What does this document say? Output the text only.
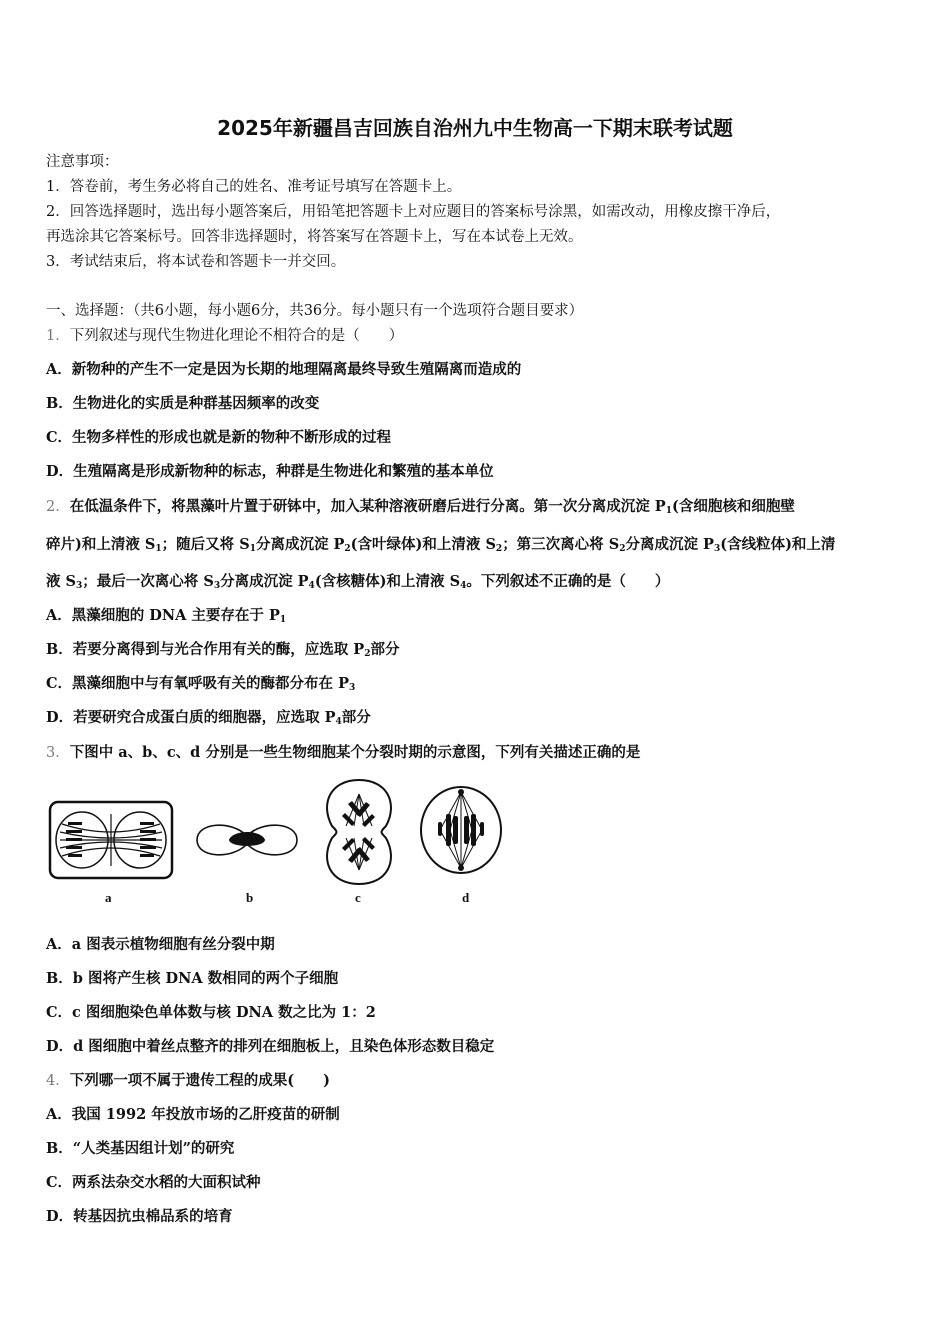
2025年新疆昌吉回族自治州九中生物高一下期末联考试题
注意事项：
1．答卷前，考生务必将自己的姓名、准考证号填写在答题卡上。
2．回答选择题时，选出每小题答案后，用铅笔把答题卡上对应题目的答案标号涂黑，如需改动，用橡皮擦干净后，
再选涂其它答案标号。回答非选择题时，将答案写在答题卡上，写在本试卷上无效。
3．考试结束后，将本试卷和答题卡一并交回。
一、选择题：（共6小题，每小题6分，共36分。每小题只有一个选项符合题目要求）
1．下列叙述与现代生物进化理论不相符合的是（　　）
A．新物种的产生不一定是因为长期的地理隔离最终导致生殖隔离而造成的
B．生物进化的实质是种群基因频率的改变
C．生物多样性的形成也就是新的物种不断形成的过程
D．生殖隔离是形成新物种的标志，种群是生物进化和繁殖的基本单位
2．在低温条件下，将黑藻叶片置于研钵中，加入某种溶液研磨后进行分离。第一次分离成沉淀 $P_1$(含细胞核和细胞壁
碎片)和上清液 $S_1$；随后又将 $S_1$分离成沉淀 $P_2$(含叶绿体)和上清液 $S_2$；第三次离心将 $S_2$分离成沉淀 $P_3$(含线粒体)和上清
液 $S_3$；最后一次离心将 $S_3$分离成沉淀 $P_4$(含核糖体)和上清液 $S_4$。下列叙述不正确的是（　　）
A．黑藻细胞的 DNA 主要存在于 $P_1$
B．若要分离得到与光合作用有关的酶，应选取 $P_2$部分
C．黑藻细胞中与有氧呼吸有关的酶都分布在 $P_3$
D．若要研究合成蛋白质的细胞器，应选取 $P_4$部分
3．下图中 a、b、c、d 分别是一些生物细胞某个分裂时期的示意图，下列有关描述正确的是
a	b	c	d
A．a 图表示植物细胞有丝分裂中期
B．b 图将产生核 DNA 数相同的两个子细胞
C．c 图细胞染色单体数与核 DNA 数之比为 1：2
D．d 图细胞中着丝点整齐的排列在细胞板上，且染色体形态数目稳定
4．下列哪一项不属于遗传工程的成果(　　)
A．我国 1992 年投放市场的乙肝疫苗的研制
B．“人类基因组计划”的研究
C．两系法杂交水稻的大面积试种
D．转基因抗虫棉品系的培育
